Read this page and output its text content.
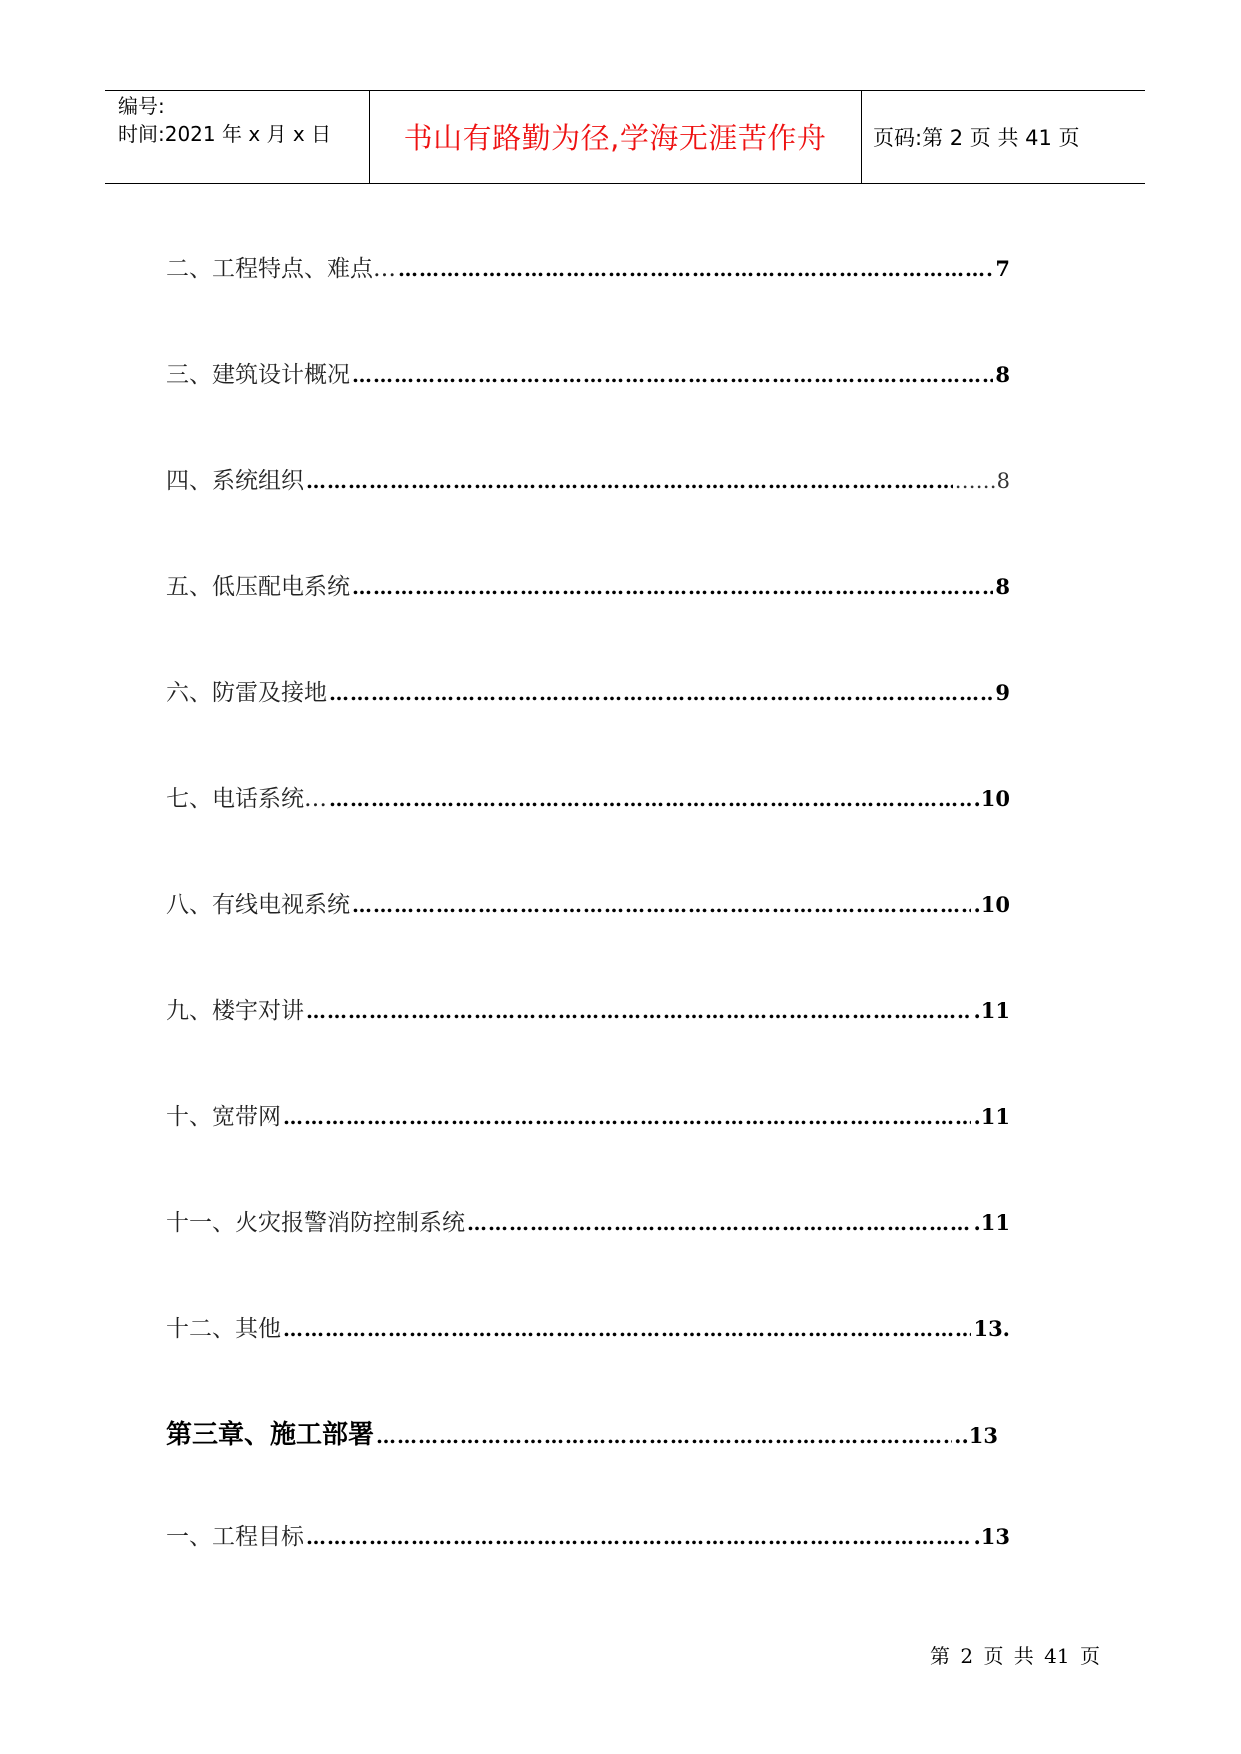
编号:
时间:2021 年 x 月 x 日	书山有路勤为径,学海无涯苦作舟	页码:第 2 页 共 41 页
二、工程特点、难点… …………………………………………………………………………………………………………………………	7
三、建筑设计概况 …………………………………………………………………………………………………………………………	8
四、系统组织 …………………………………………………………………………………………………………………………	……8
五、低压配电系统 …………………………………………………………………………………………………………………………	8
六、防雷及接地 …………………………………………………………………………………………………………………………	9
七、电话系统… …………………………………………………………………………………………………………………………	.10
八、有线电视系统 …………………………………………………………………………………………………………………………	.10
九、楼宇对讲 …………………………………………………………………………………………………………………………	.11
十、宽带网 …………………………………………………………………………………………………………………………	.11
十一、火灾报警消防控制系统 …………………………………………………………………………………………………………………………	.11
十二、其他 …………………………………………………………………………………………………………………………	13.
第三章、施工部署 …………………………………………………………………………………………………………………………	..13
一、工程目标 …………………………………………………………………………………………………………………………	.13
第 2 页 共 41 页
